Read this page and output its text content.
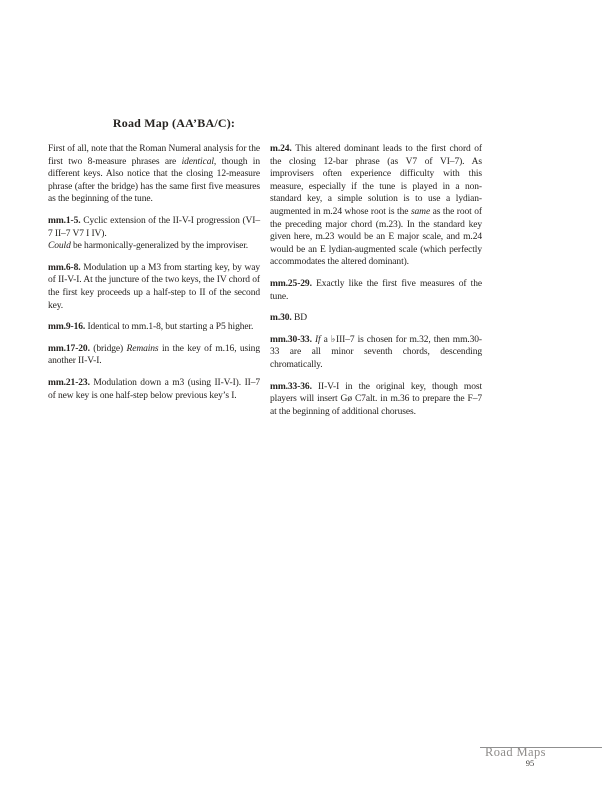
Road Map (AA’BA/C):

First of all, note that the Roman Numeral analysis for the first two 8-measure phrases are identical, though in different keys. Also notice that the closing 12-measure phrase (after the bridge) has the same first five measures as the beginning of the tune.

mm.1-5. Cyclic extension of the II-V-I progression (VI–7 II–7 V7 I IV).
Could be harmonically-generalized by the improviser.

mm.6-8. Modulation up a M3 from starting key, by way of II-V-I. At the juncture of the two keys, the IV chord of the first key proceeds up a half-step to II of the second key.

mm.9-16. Identical to mm.1-8, but starting a P5 higher.

mm.17-20. (bridge) Remains in the key of m.16, using another II-V-I.

mm.21-23. Modulation down a m3 (using II-V-I). II–7 of new key is one half-step below previous key’s I.

m.24. This altered dominant leads to the first chord of the closing 12-bar phrase (as V7 of VI–7). As improvisers often experience difficulty with this measure, especially if the tune is played in a non-standard key, a simple solution is to use a lydian-augmented in m.24 whose root is the same as the root of the preceding major chord (m.23). In the standard key given here, m.23 would be an E major scale, and m.24 would be an E lydian-augmented scale (which perfectly accommodates the altered dominant).

mm.25-29. Exactly like the first five measures of the tune.

m.30. BD

mm.30-33. If a ♭III–7 is chosen for m.32, then mm.30-33 are all minor seventh chords, descending chromatically.

mm.33-36. II-V-I in the original key, though most players will insert Gø C7alt. in m.36 to prepare the F–7 at the beginning of additional choruses.

Road Maps
95
